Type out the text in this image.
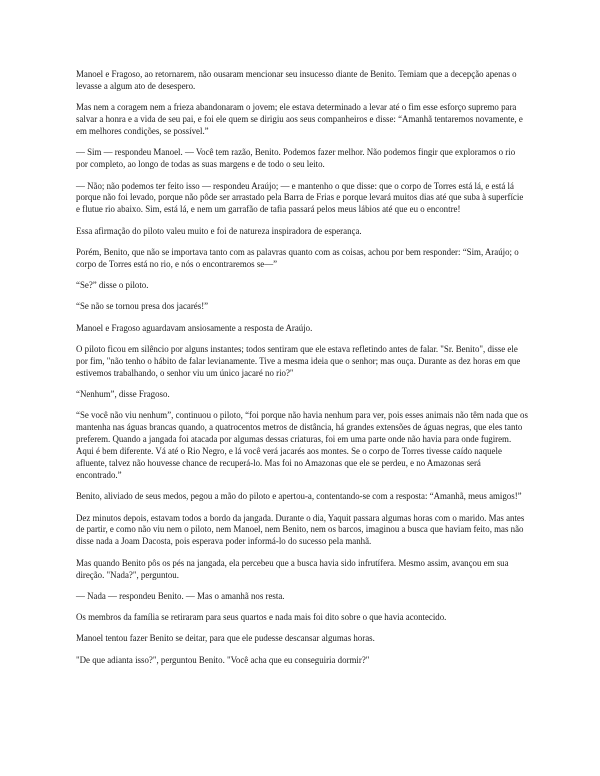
Manoel e Fragoso, ao retornarem, não ousaram mencionar seu insucesso diante de Benito. Temiam que a decepção apenas o levasse a algum ato de desespero.

Mas nem a coragem nem a frieza abandonaram o jovem; ele estava determinado a levar até o fim esse esforço supremo para salvar a honra e a vida de seu pai, e foi ele quem se dirigiu aos seus companheiros e disse: “Amanhã tentaremos novamente, e em melhores condições, se possível.”

— Sim — respondeu Manoel. — Você tem razão, Benito. Podemos fazer melhor. Não podemos fingir que exploramos o rio por completo, ao longo de todas as suas margens e de todo o seu leito.

— Não; não podemos ter feito isso — respondeu Araújo; — e mantenho o que disse: que o corpo de Torres está lá, e está lá porque não foi levado, porque não pôde ser arrastado pela Barra de Frias e porque levará muitos dias até que suba à superfície e flutue rio abaixo. Sim, está lá, e nem um garrafão de tafia passará pelos meus lábios até que eu o encontre!

Essa afirmação do piloto valeu muito e foi de natureza inspiradora de esperança.

Porém, Benito, que não se importava tanto com as palavras quanto com as coisas, achou por bem responder: “Sim, Araújo; o corpo de Torres está no rio, e nós o encontraremos se—”

“Se?” disse o piloto.

“Se não se tornou presa dos jacarés!”

Manoel e Fragoso aguardavam ansiosamente a resposta de Araújo.

O piloto ficou em silêncio por alguns instantes; todos sentiram que ele estava refletindo antes de falar. "Sr. Benito", disse ele por fim, "não tenho o hábito de falar levianamente. Tive a mesma ideia que o senhor; mas ouça. Durante as dez horas em que estivemos trabalhando, o senhor viu um único jacaré no rio?"

“Nenhum”, disse Fragoso.

“Se você não viu nenhum”, continuou o piloto, “foi porque não havia nenhum para ver, pois esses animais não têm nada que os mantenha nas águas brancas quando, a quatrocentos metros de distância, há grandes extensões de águas negras, que eles tanto preferem. Quando a jangada foi atacada por algumas dessas criaturas, foi em uma parte onde não havia para onde fugirem. Aqui é bem diferente. Vá até o Rio Negro, e lá você verá jacarés aos montes. Se o corpo de Torres tivesse caído naquele afluente, talvez não houvesse chance de recuperá-lo. Mas foi no Amazonas que ele se perdeu, e no Amazonas será encontrado.”

Benito, aliviado de seus medos, pegou a mão do piloto e apertou-a, contentando-se com a resposta: “Amanhã, meus amigos!”

Dez minutos depois, estavam todos a bordo da jangada. Durante o dia, Yaquit passara algumas horas com o marido. Mas antes de partir, e como não viu nem o piloto, nem Manoel, nem Benito, nem os barcos, imaginou a busca que haviam feito, mas não disse nada a Joam Dacosta, pois esperava poder informá-lo do sucesso pela manhã.

Mas quando Benito pôs os pés na jangada, ela percebeu que a busca havia sido infrutífera. Mesmo assim, avançou em sua direção. "Nada?", perguntou.

— Nada — respondeu Benito. — Mas o amanhã nos resta.

Os membros da família se retiraram para seus quartos e nada mais foi dito sobre o que havia acontecido.

Manoel tentou fazer Benito se deitar, para que ele pudesse descansar algumas horas.

"De que adianta isso?", perguntou Benito. "Você acha que eu conseguiria dormir?"
